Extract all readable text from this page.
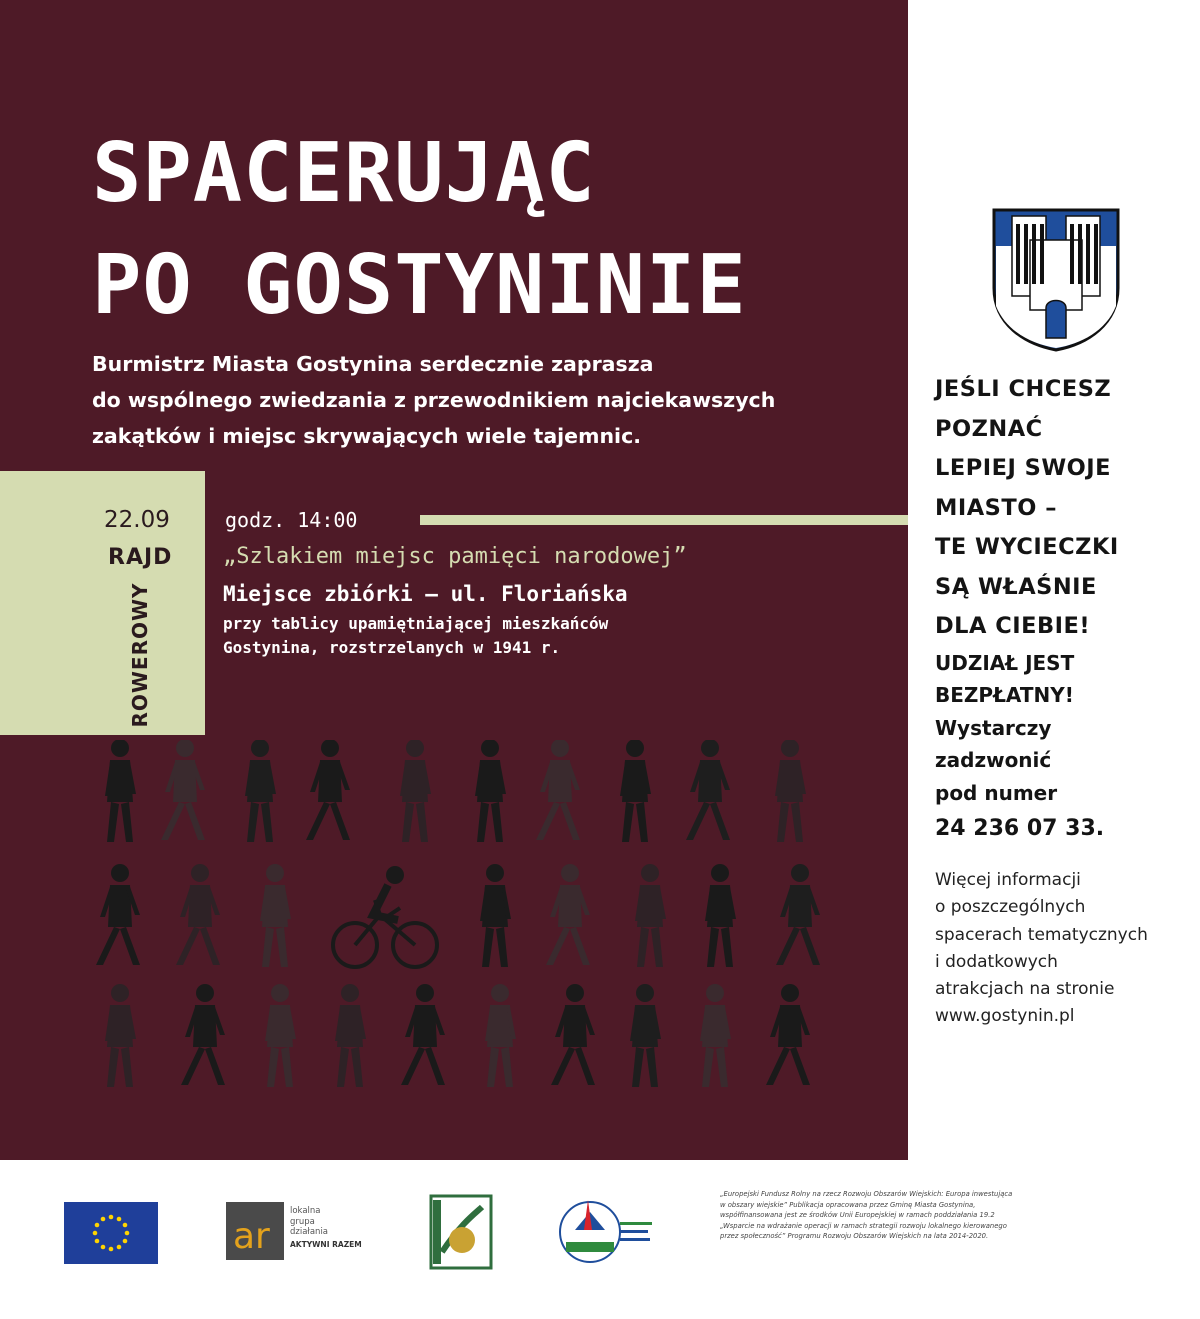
SPACERUJĄC
PO GOSTYNINIE
Burmistrz Miasta Gostynina serdecznie zaprasza
do wspólnego zwiedzania z przewodnikiem najciekawszych
zakątków i miejsc skrywających wiele tajemnic.
22.09
RAJD
ROWEROWY
godz. 14:00
„Szlakiem miejsc pamięci narodowej”
Miejsce zbiórki – ul. Floriańska
przy tablicy upamiętniającej mieszkańców
Gostynina, rozstrzelanych w 1941 r.
JEŚLI CHCESZ
POZNAĆ
LEPIEJ SWOJE
MIASTO –
TE WYCIECZKI
SĄ WŁAŚNIE
DLA CIEBIE!
UDZIAŁ JEST
BEZPŁATNY!
Wystarczy
zadzwonić
pod numer
24 236 07 33.
Więcej informacji
o poszczególnych
spacerach tematycznych
i dodatkowych
atrakcjach na stronie
www.gostynin.pl
ar
lokalna
grupa
działania
AKTYWNI RAZEM
„Europejski Fundusz Rolny na rzecz Rozwoju Obszarów Wiejskich: Europa inwestująca
w obszary wiejskie” Publikacja opracowana przez Gminę Miasta Gostynina,
współfinansowana jest ze środków Unii Europejskiej w ramach poddziałania 19.2
„Wsparcie na wdrażanie operacji w ramach strategii rozwoju lokalnego kierowanego
przez społeczność” Programu Rozwoju Obszarów Wiejskich na lata 2014-2020.
